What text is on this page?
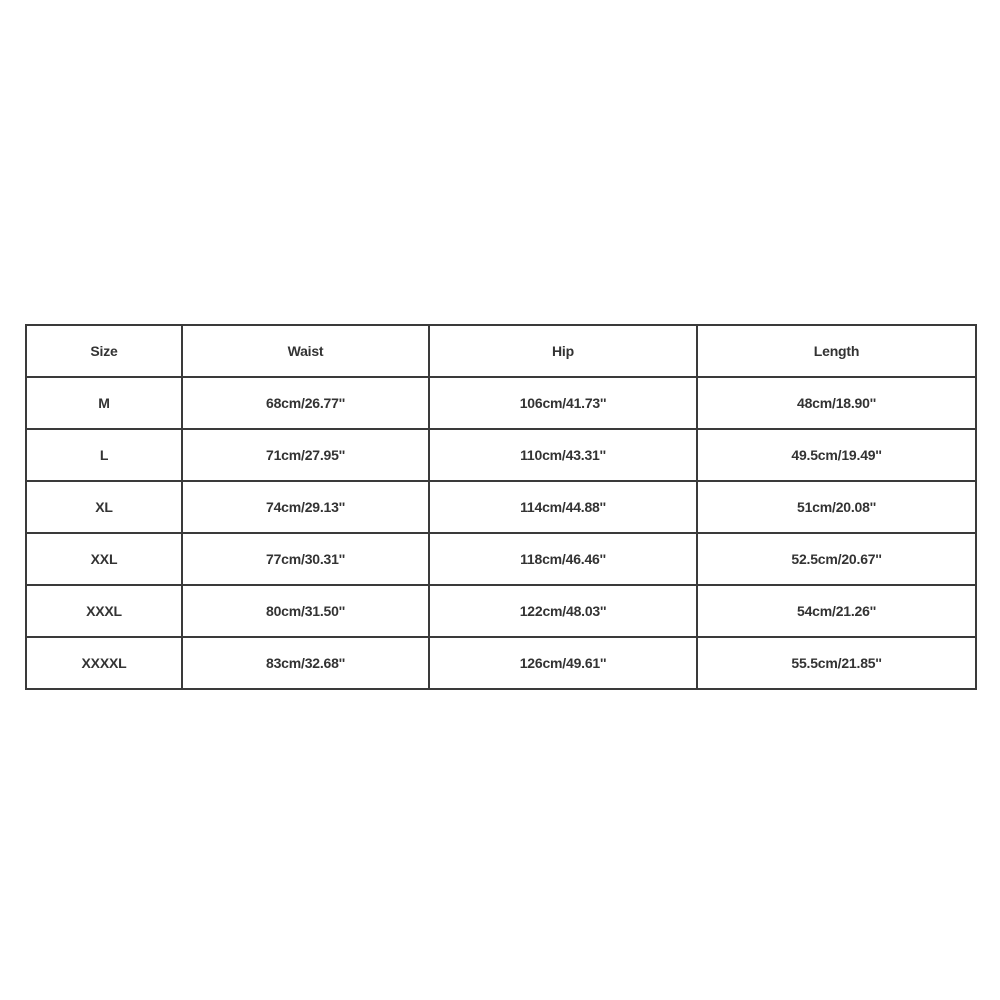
Size	Waist	Hip	Length
M	68cm/26.77''	106cm/41.73''	48cm/18.90''
L	71cm/27.95''	110cm/43.31''	49.5cm/19.49''
XL	74cm/29.13''	114cm/44.88''	51cm/20.08''
XXL	77cm/30.31''	118cm/46.46''	52.5cm/20.67''
XXXL	80cm/31.50''	122cm/48.03''	54cm/21.26''
XXXXL	83cm/32.68''	126cm/49.61''	55.5cm/21.85''
